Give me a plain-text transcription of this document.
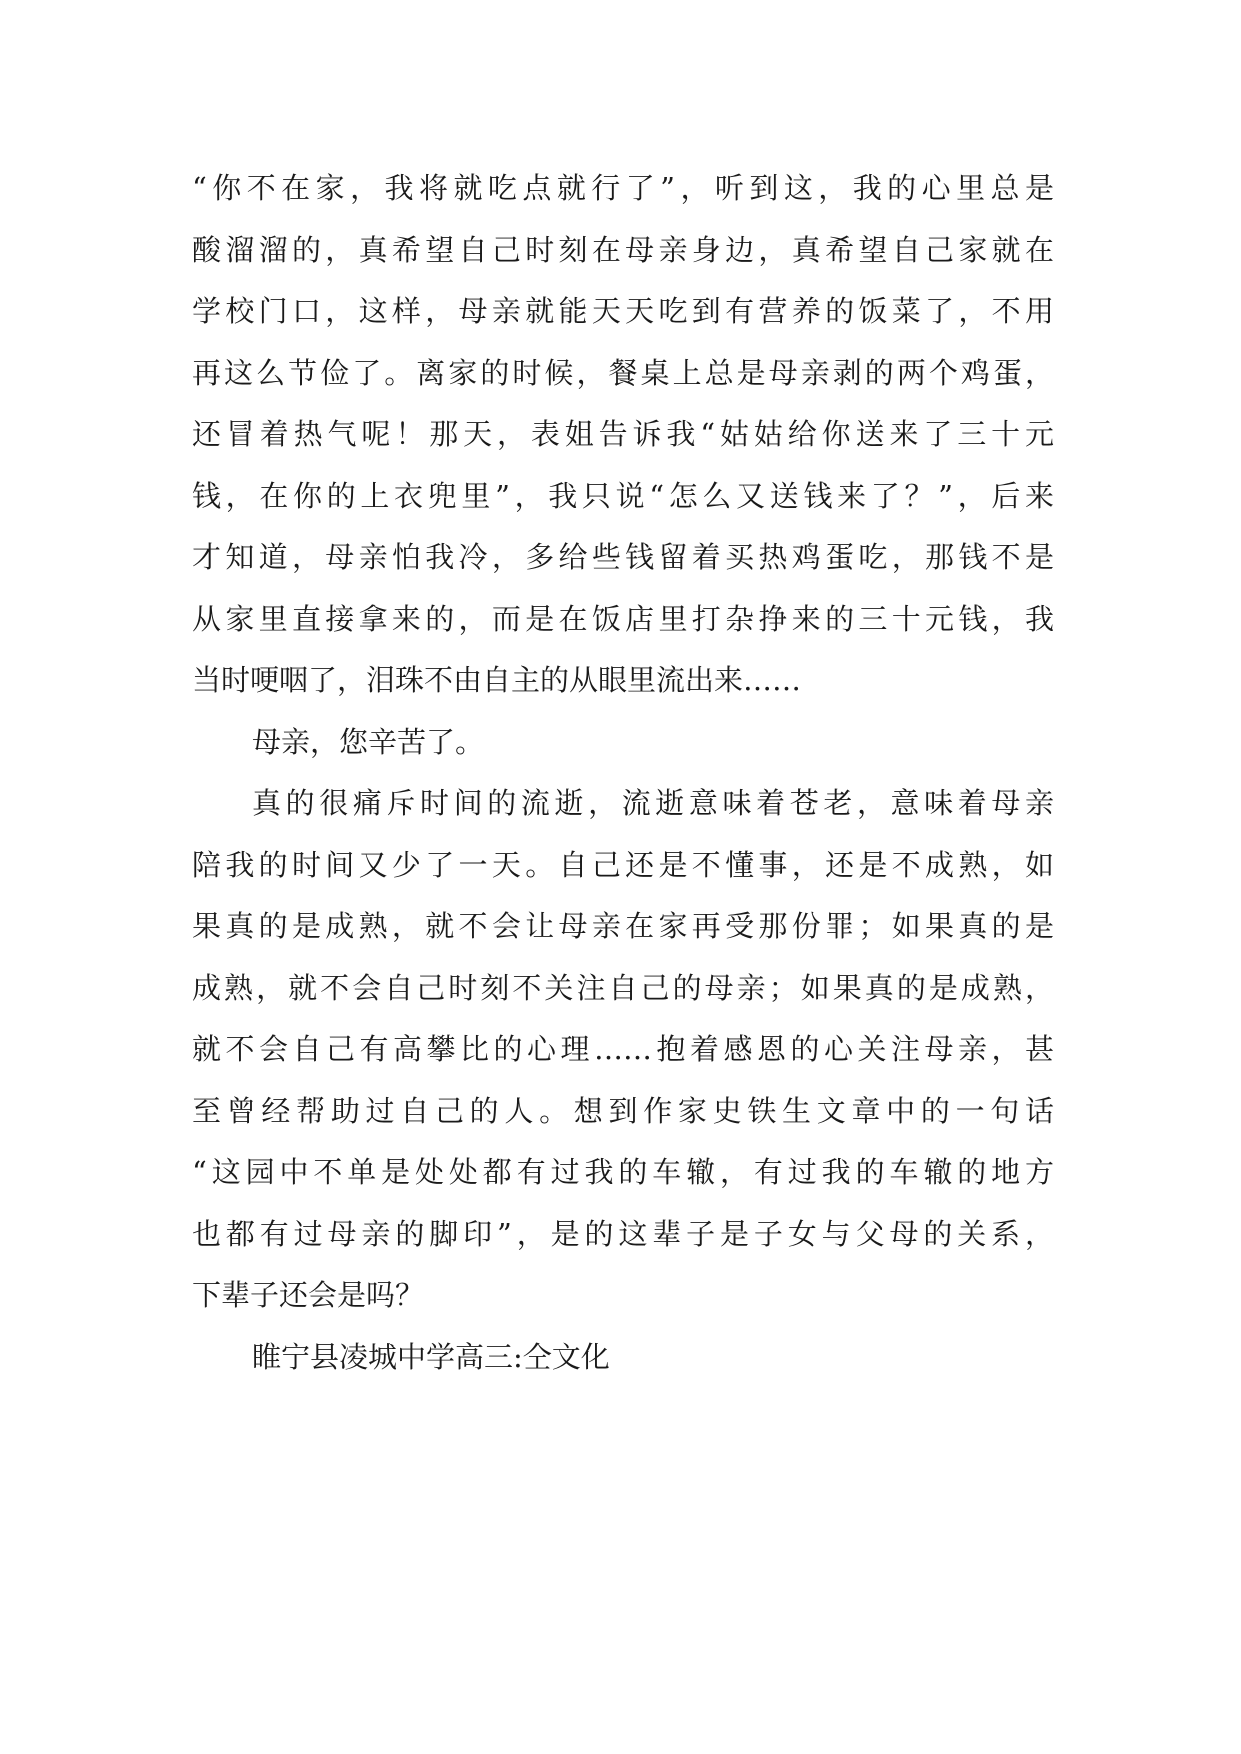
“你不在家，我将就吃点就行了”，听到这，我的心里总是
酸溜溜的，真希望自己时刻在母亲身边，真希望自己家就在
学校门口，这样，母亲就能天天吃到有营养的饭菜了，不用
再这么节俭了。离家的时候，餐桌上总是母亲剥的两个鸡蛋，
还冒着热气呢！那天，表姐告诉我“姑姑给你送来了三十元
钱，在你的上衣兜里”，我只说“怎么又送钱来了？”，后来
才知道，母亲怕我冷，多给些钱留着买热鸡蛋吃，那钱不是
从家里直接拿来的，而是在饭店里打杂挣来的三十元钱，我
当时哽咽了，泪珠不由自主的从眼里流出来……
母亲，您辛苦了。
真的很痛斥时间的流逝，流逝意味着苍老，意味着母亲
陪我的时间又少了一天。自己还是不懂事，还是不成熟，如
果真的是成熟，就不会让母亲在家再受那份罪；如果真的是
成熟，就不会自己时刻不关注自己的母亲；如果真的是成熟，
就不会自己有高攀比的心理……抱着感恩的心关注母亲，甚
至曾经帮助过自己的人。想到作家史铁生文章中的一句话
“这园中不单是处处都有过我的车辙，有过我的车辙的地方
也都有过母亲的脚印”，是的这辈子是子女与父母的关系，
下辈子还会是吗？
睢宁县凌城中学高三:仝文化
